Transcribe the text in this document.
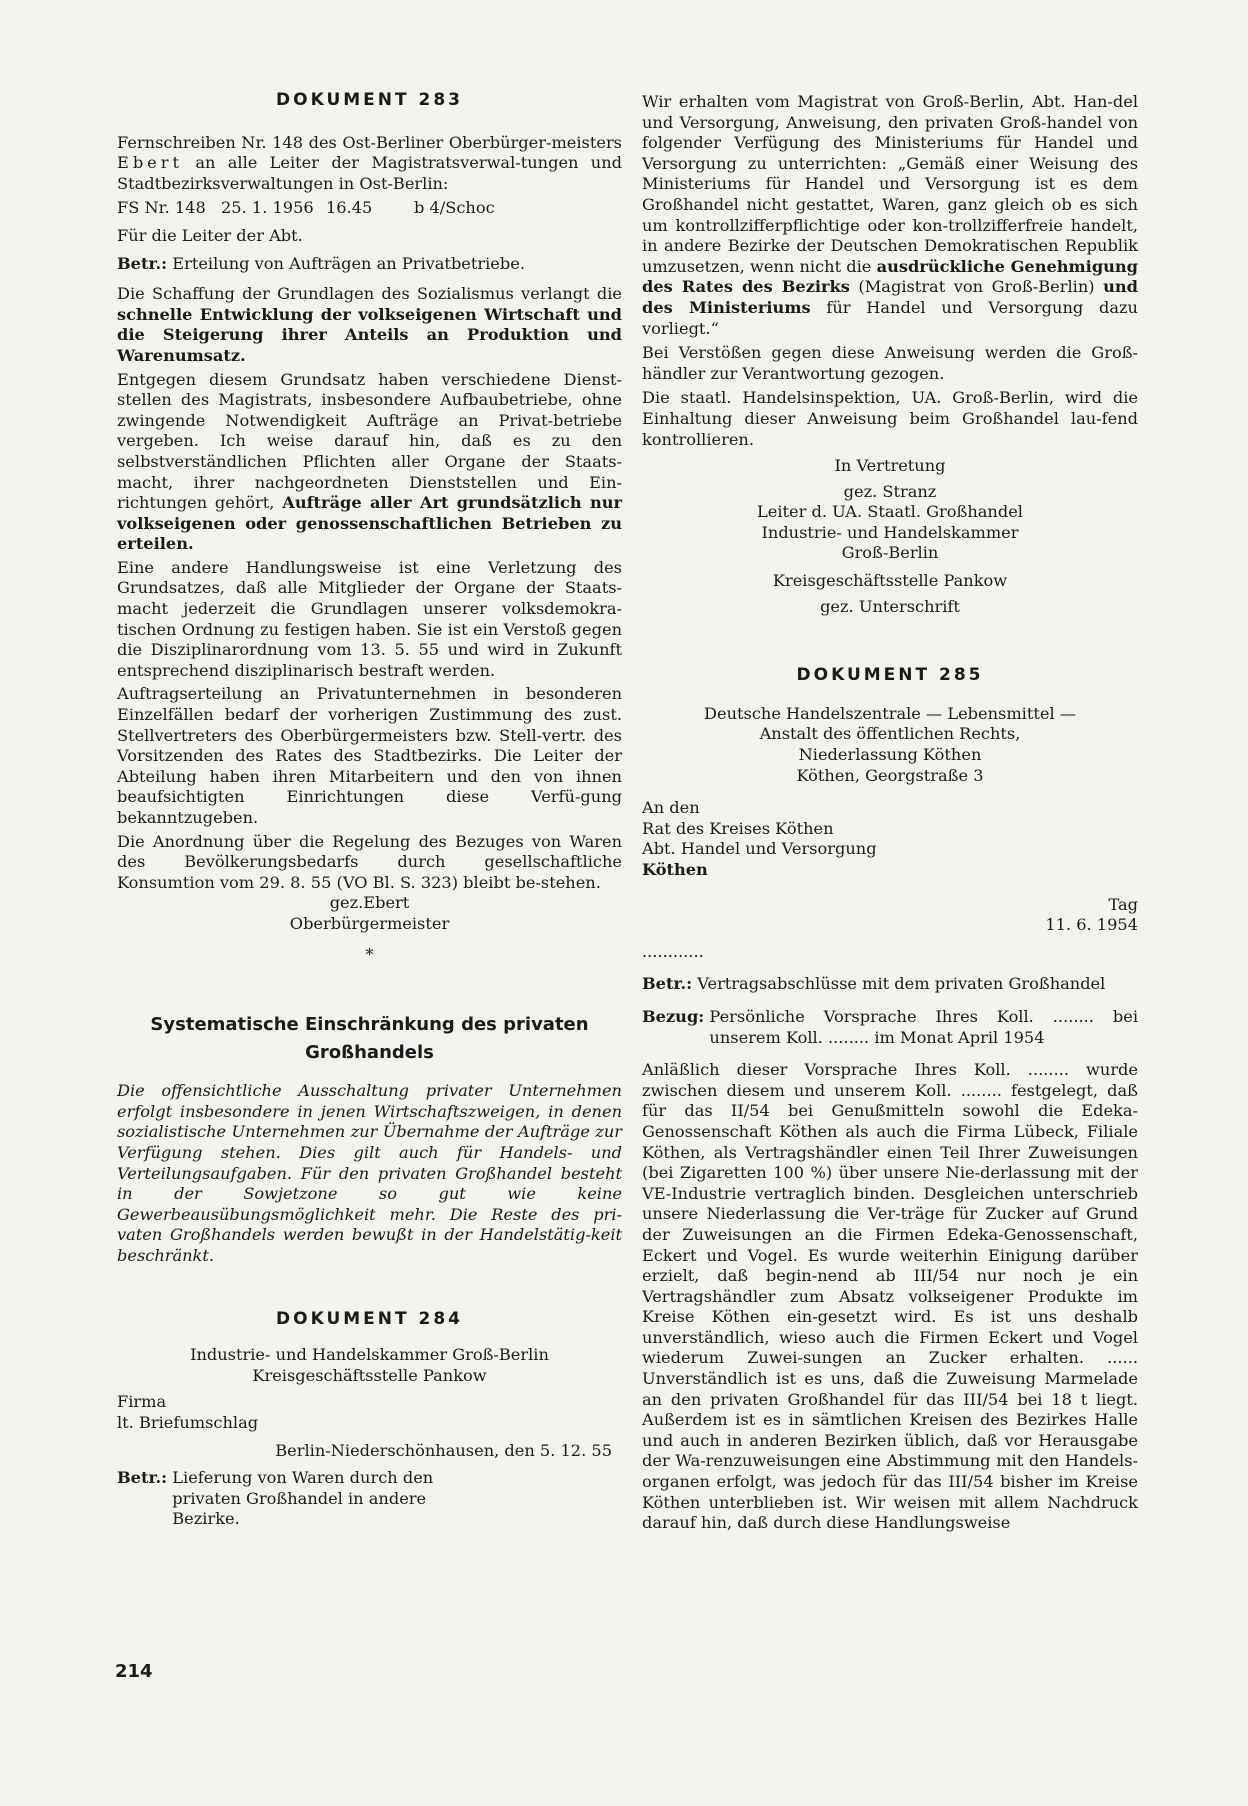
DOKUMENT 283

Fernschreiben Nr. 148 des Ost-Berliner Oberbürger-meisters Ebert an alle Leiter der Magistratsverwal-tungen und Stadtbezirksverwaltungen in Ost-Berlin:

FS Nr. 148 25. 1. 1956 16.45	b 4/Schoc

Für die Leiter der Abt.

Betr.: Erteilung von Aufträgen an Privatbetriebe.

Die Schaffung der Grundlagen des Sozialismus verlangt die schnelle Entwicklung der volkseigenen Wirtschaft und die Steigerung ihrer Anteils an Produktion und Warenumsatz.

Entgegen diesem Grundsatz haben verschiedene Dienst-stellen des Magistrats, insbesondere Aufbaubetriebe, ohne zwingende Notwendigkeit Aufträge an Privat-betriebe vergeben. Ich weise darauf hin, daß es zu den selbstverständlichen Pflichten aller Organe der Staats-macht, ihrer nachgeordneten Dienststellen und Ein-richtungen gehört, Aufträge aller Art grundsätzlich nur volkseigenen oder genossenschaftlichen Betrieben zu erteilen.

Eine andere Handlungsweise ist eine Verletzung des Grundsatzes, daß alle Mitglieder der Organe der Staats-macht jederzeit die Grundlagen unserer volksdemokra-tischen Ordnung zu festigen haben. Sie ist ein Verstoß gegen die Disziplinarordnung vom 13. 5. 55 und wird in Zukunft entsprechend disziplinarisch bestraft werden.

Auftragserteilung an Privatunternehmen in besonderen Einzelfällen bedarf der vorherigen Zustimmung des zust. Stellvertreters des Oberbürgermeisters bzw. Stell-vertr. des Vorsitzenden des Rates des Stadtbezirks. Die Leiter der Abteilung haben ihren Mitarbeitern und den von ihnen beaufsichtigten Einrichtungen diese Verfü-gung bekanntzugeben.

Die Anordnung über die Regelung des Bezuges von Waren des Bevölkerungsbedarfs durch gesellschaftliche Konsumtion vom 29. 8. 55 (VO Bl. S. 323) bleibt be-stehen.

gez.Ebert

Oberbürgermeister

*

Systematische Einschränkung des privaten
Großhandels

Die offensichtliche Ausschaltung privater Unternehmen erfolgt insbesondere in jenen Wirtschaftszweigen, in denen sozialistische Unternehmen zur Übernahme der Aufträge zur Verfügung stehen. Dies gilt auch für Handels- und Verteilungsaufgaben. Für den privaten Großhandel besteht in der Sowjetzone so gut wie keine Gewerbeausübungsmöglichkeit mehr. Die Reste des pri-vaten Großhandels werden bewußt in der Handelstätig-keit beschränkt.

DOKUMENT 284

Industrie- und Handelskammer Groß-Berlin

Kreisgeschäftsstelle Pankow

Firma

lt. Briefumschlag

Berlin-Niederschönhausen, den 5. 12. 55

Betr.: Lieferung von Waren durch den privaten Großhandel in andere Bezirke.

Wir erhalten vom Magistrat von Groß-Berlin, Abt. Han-del und Versorgung, Anweisung, den privaten Groß-handel von folgender Verfügung des Ministeriums für Handel und Versorgung zu unterrichten: „Gemäß einer Weisung des Ministeriums für Handel und Versorgung ist es dem Großhandel nicht gestattet, Waren, ganz gleich ob es sich um kontrollzifferpflichtige oder kon-trollzifferfreie handelt, in andere Bezirke der Deutschen Demokratischen Republik umzusetzen, wenn nicht die ausdrückliche Genehmigung des Rates des Bezirks (Magistrat von Groß-Berlin) und des Ministeriums für Handel und Versorgung dazu vorliegt.“

Bei Verstößen gegen diese Anweisung werden die Groß-händler zur Verantwortung gezogen.

Die staatl. Handelsinspektion, UA. Groß-Berlin, wird die Einhaltung dieser Anweisung beim Großhandel lau-fend kontrollieren.

In Vertretung

gez. Stranz

Leiter d. UA. Staatl. Großhandel

Industrie- und Handelskammer

Groß-Berlin

Kreisgeschäftsstelle Pankow

gez. Unterschrift

DOKUMENT 285

Deutsche Handelszentrale — Lebensmittel —

Anstalt des öffentlichen Rechts,

Niederlassung Köthen

Köthen, Georgstraße 3

An den

Rat des Kreises Köthen

Abt. Handel und Versorgung

Köthen

Tag

11. 6. 1954

............

Betr.: Vertragsabschlüsse mit dem privaten Großhandel
Bezug: Persönliche Vorsprache Ihres Koll. ........ bei unserem Koll. ........ im Monat April 1954

Anläßlich dieser Vorsprache Ihres Koll. ........ wurde zwischen diesem und unserem Koll. ........ festgelegt, daß für das II/54 bei Genußmitteln sowohl die Edeka-Genossenschaft Köthen als auch die Firma Lübeck, Filiale Köthen, als Vertragshändler einen Teil Ihrer Zuweisungen (bei Zigaretten 100 %) über unsere Nie-derlassung mit der VE-Industrie vertraglich binden. Desgleichen unterschrieb unsere Niederlassung die Ver-träge für Zucker auf Grund der Zuweisungen an die Firmen Edeka-Genossenschaft, Eckert und Vogel. Es wurde weiterhin Einigung darüber erzielt, daß begin-nend ab III/54 nur noch je ein Vertragshändler zum Absatz volkseigener Produkte im Kreise Köthen ein-gesetzt wird. Es ist uns deshalb unverständlich, wieso auch die Firmen Eckert und Vogel wiederum Zuwei-sungen an Zucker erhalten. ...... Unverständlich ist es uns, daß die Zuweisung Marmelade an den privaten Großhandel für das III/54 bei 18 t liegt. Außerdem ist es in sämtlichen Kreisen des Bezirkes Halle und auch in anderen Bezirken üblich, daß vor Herausgabe der Wa-renzuweisungen eine Abstimmung mit den Handels-organen erfolgt, was jedoch für das III/54 bisher im Kreise Köthen unterblieben ist. Wir weisen mit allem Nachdruck darauf hin, daß durch diese Handlungsweise

214
